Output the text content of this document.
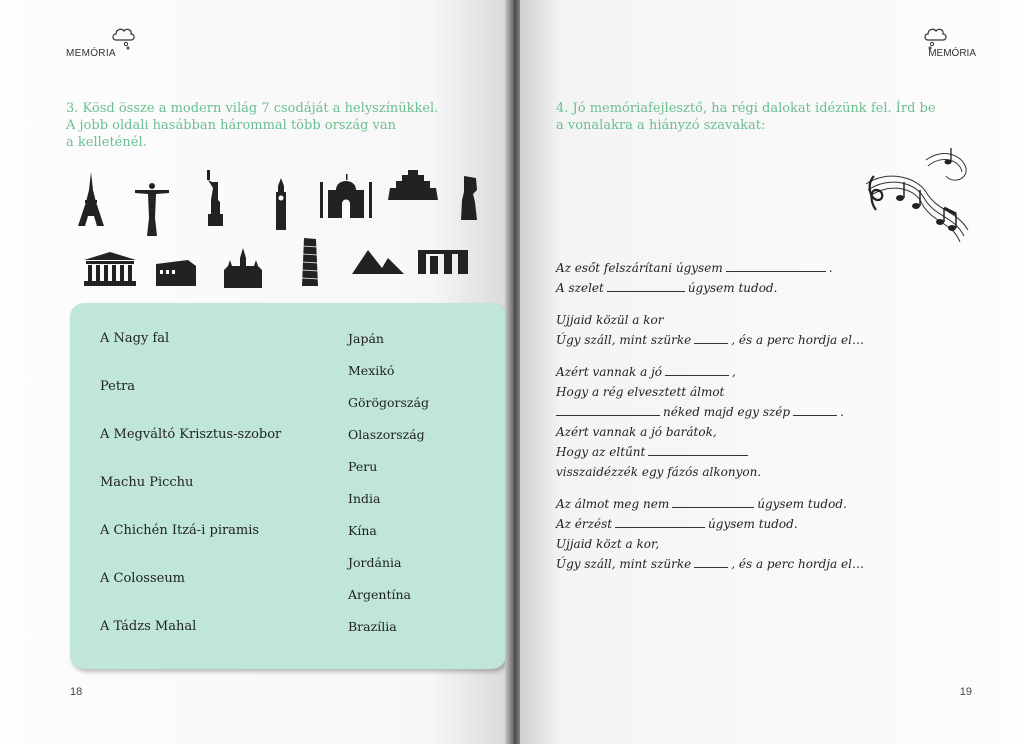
MEMÓRIA
3. Kösd össze a modern világ 7 csodáját a helyszínükkel.
A jobb oldali hasábban hárommal több ország van
a kelleténél.
A Nagy fal
Petra
A Megváltó Krisztus-szobor
Machu Picchu
A Chichén Itzá-i piramis
A Colosseum
A Tádzs Mahal
Japán
Mexikó
Görögország
Olaszország
Peru
India
Kína
Jordánia
Argentína
Brazília
18
MEMÓRIA
4. Jó memóriafejlesztő, ha régi dalokat idézünk fel. Írd be
a vonalakra a hiányzó szavakat:
Az esőt felszárítani úgysem	.
A szelet	úgysem tudod.
Ujjaid közül a kor
Úgy száll, mint szürke	, és a perc hordja el…
Azért vannak a jó	,
Hogy a rég elvesztett álmot
néked majd egy szép	.
Azért vannak a jó barátok,
Hogy az eltűnt
visszaidézzék egy fázós alkonyon.
Az álmot meg nem	úgysem tudod.
Az érzést	úgysem tudod.
Ujjaid közt a kor,
Úgy száll, mint szürke	, és a perc hordja el…
19
